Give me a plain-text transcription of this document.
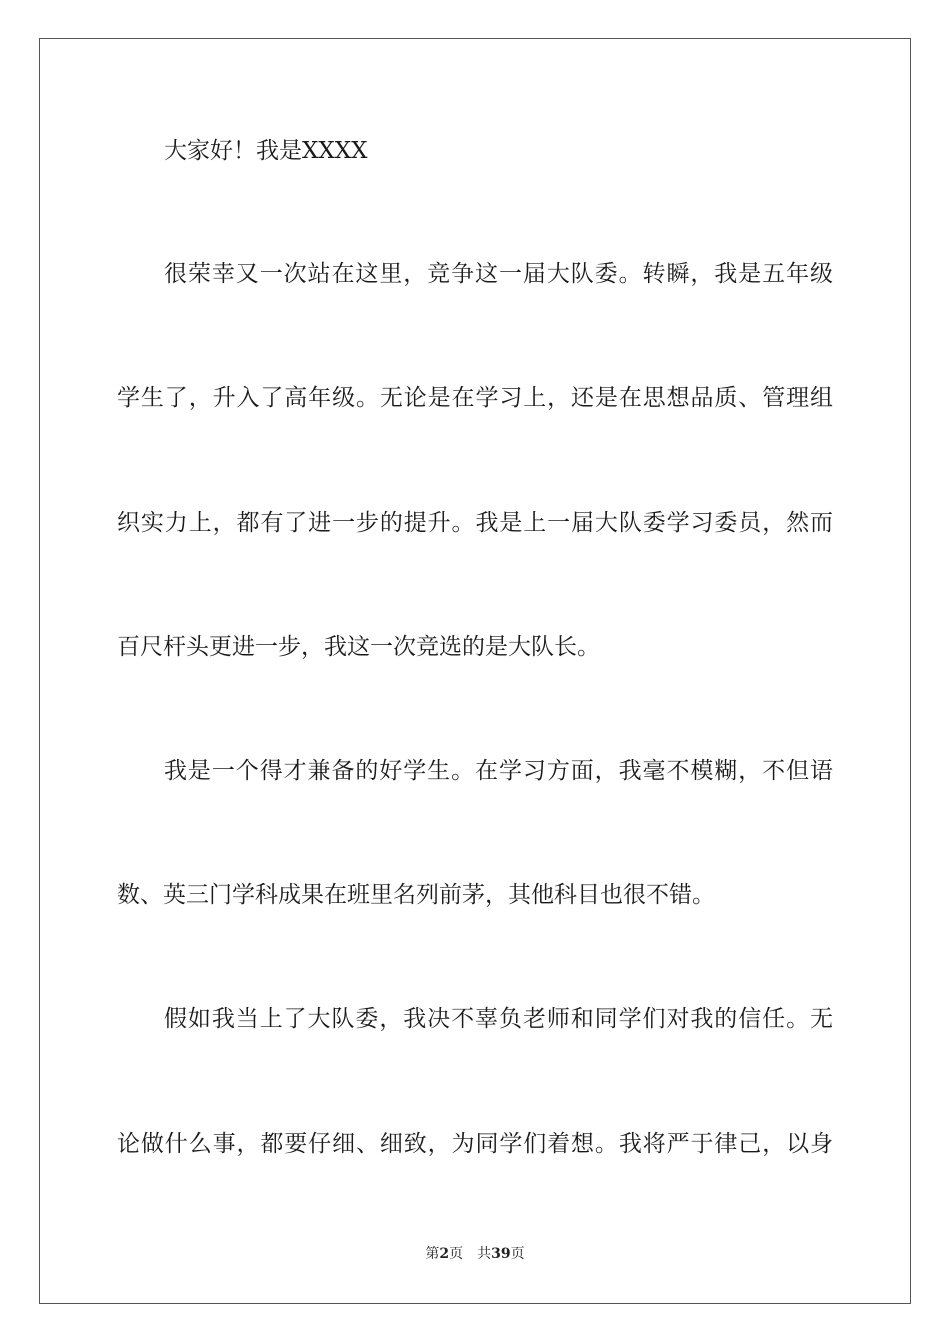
大家好！我是XXXX
很荣幸又一次站在这里，竞争这一届大队委。转瞬，我是五年级
学生了，升入了高年级。无论是在学习上，还是在思想品质、管理组
织实力上，都有了进一步的提升。我是上一届大队委学习委员，然而
百尺杆头更进一步，我这一次竞选的是大队长。
我是一个得才兼备的好学生。在学习方面，我毫不模糊，不但语
数、英三门学科成果在班里名列前茅，其他科目也很不错。
假如我当上了大队委，我决不辜负老师和同学们对我的信任。无
论做什么事，都要仔细、细致，为同学们着想。我将严于律己，以身
第2页 共39页
